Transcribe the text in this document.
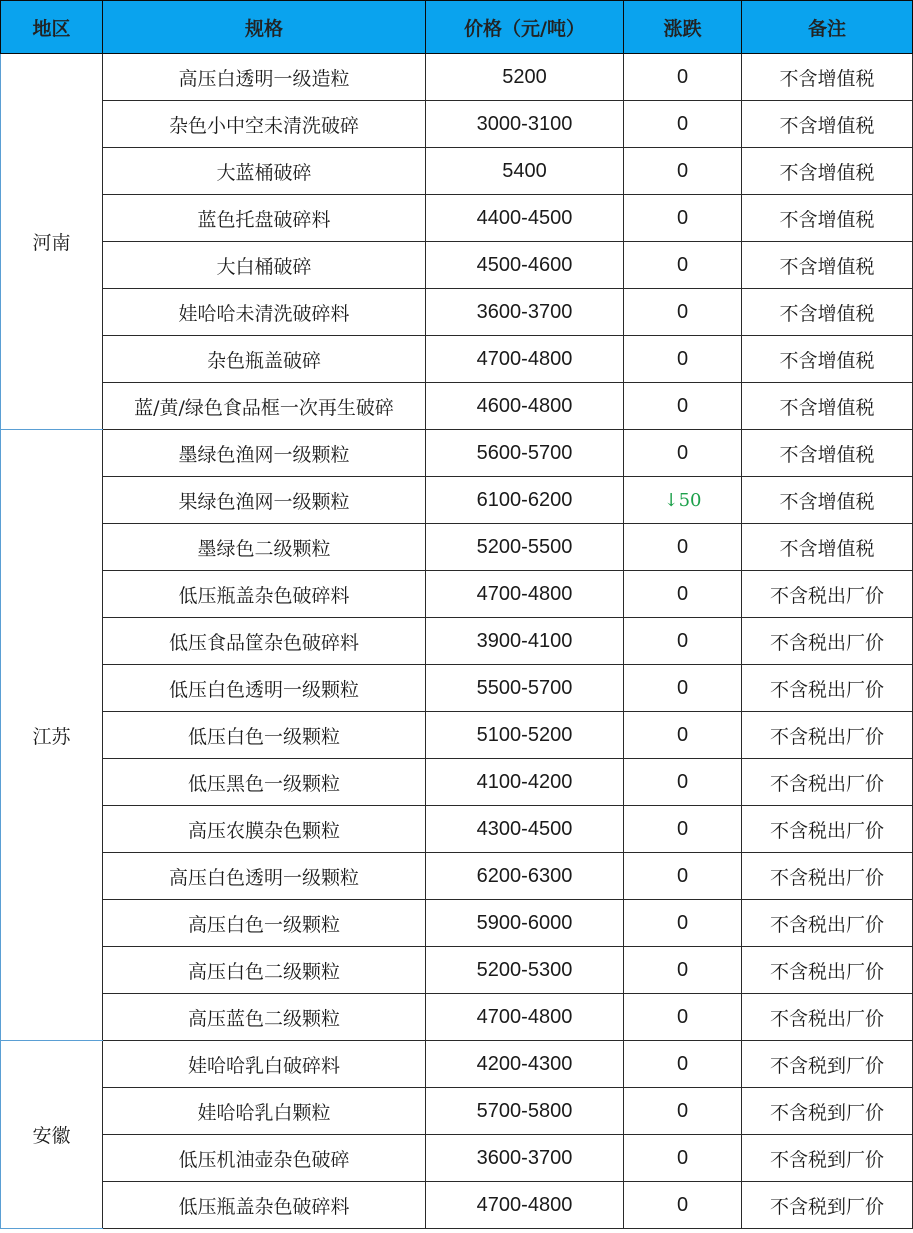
地区	规格	价格（元/吨）	涨跌	备注
河南	高压白透明一级造粒	5200	0	不含增值税
	杂色小中空未清洗破碎	3000-3100	0	不含增值税
	大蓝桶破碎	5400	0	不含增值税
	蓝色托盘破碎料	4400-4500	0	不含增值税
	大白桶破碎	4500-4600	0	不含增值税
	娃哈哈未清洗破碎料	3600-3700	0	不含增值税
	杂色瓶盖破碎	4700-4800	0	不含增值税
	蓝/黄/绿色食品框一次再生破碎	4600-4800	0	不含增值税
江苏	墨绿色渔网一级颗粒	5600-5700	0	不含增值税
	果绿色渔网一级颗粒	6100-6200	↓50	不含增值税
	墨绿色二级颗粒	5200-5500	0	不含增值税
	低压瓶盖杂色破碎料	4700-4800	0	不含税出厂价
	低压食品筐杂色破碎料	3900-4100	0	不含税出厂价
	低压白色透明一级颗粒	5500-5700	0	不含税出厂价
	低压白色一级颗粒	5100-5200	0	不含税出厂价
	低压黑色一级颗粒	4100-4200	0	不含税出厂价
	高压农膜杂色颗粒	4300-4500	0	不含税出厂价
	高压白色透明一级颗粒	6200-6300	0	不含税出厂价
	高压白色一级颗粒	5900-6000	0	不含税出厂价
	高压白色二级颗粒	5200-5300	0	不含税出厂价
	高压蓝色二级颗粒	4700-4800	0	不含税出厂价
安徽	娃哈哈乳白破碎料	4200-4300	0	不含税到厂价
	娃哈哈乳白颗粒	5700-5800	0	不含税到厂价
	低压机油壶杂色破碎	3600-3700	0	不含税到厂价
	低压瓶盖杂色破碎料	4700-4800	0	不含税到厂价
